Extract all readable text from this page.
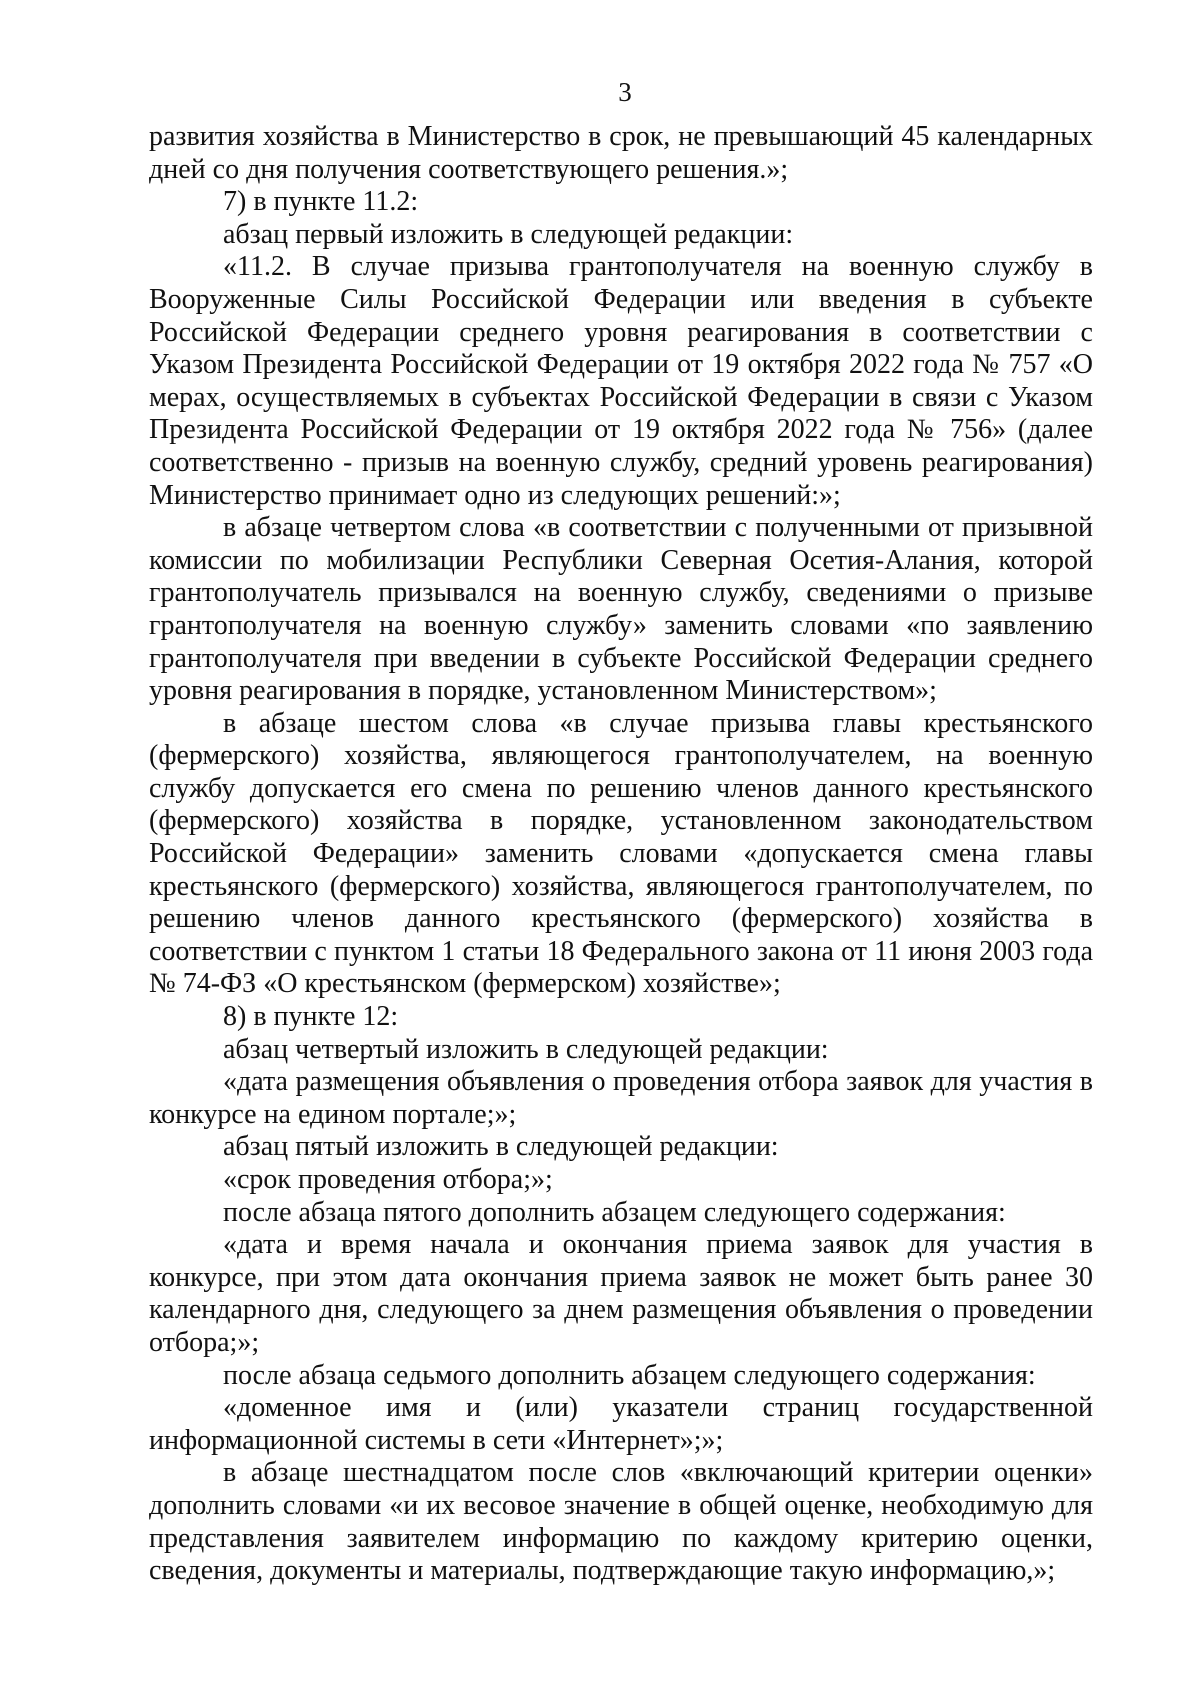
3

развития хозяйства в Министерство в срок, не превышающий 45 календарных дней со дня получения соответствующего решения.»;

7) в пункте 11.2:

абзац первый изложить в следующей редакции:

«11.2. В случае призыва грантополучателя на военную службу в Вооруженные Силы Российской Федерации или введения в субъекте Российской Федерации среднего уровня реагирования в соответствии с Указом Президента Российской Федерации от 19 октября 2022 года № 757 «О мерах, осуществляемых в субъектах Российской Федерации в связи с Указом Президента Российской Федерации от 19 октября 2022 года № 756» (далее соответственно - призыв на военную службу, средний уровень реагирования) Министерство принимает одно из следующих решений:»;

в абзаце четвертом слова «в соответствии с полученными от призывной комиссии по мобилизации Республики Северная Осетия-Алания, которой грантополучатель призывался на военную службу, сведениями о призыве грантополучателя на военную службу» заменить словами «по заявлению грантополучателя при введении в субъекте Российской Федерации среднего уровня реагирования в порядке, установленном Министерством»;

в абзаце шестом слова «в случае призыва главы крестьянского (фермерского) хозяйства, являющегося грантополучателем, на военную службу допускается его смена по решению членов данного крестьянского (фермерского) хозяйства в порядке, установленном законодательством Российской Федерации» заменить словами «допускается смена главы крестьянского (фермерского) хозяйства, являющегося грантополучателем, по решению членов данного крестьянского (фермерского) хозяйства в соответствии с пунктом 1 статьи 18 Федерального закона от 11 июня 2003 года № 74-ФЗ «О крестьянском (фермерском) хозяйстве»;

8) в пункте 12:

абзац четвертый изложить в следующей редакции:

«дата размещения объявления о проведения отбора заявок для участия в конкурсе на едином портале;»;

абзац пятый изложить в следующей редакции:

«срок проведения отбора;»;

после абзаца пятого дополнить абзацем следующего содержания:

«дата и время начала и окончания приема заявок для участия в конкурсе, при этом дата окончания приема заявок не может быть ранее 30 календарного дня, следующего за днем размещения объявления о проведении отбора;»;

после абзаца седьмого дополнить абзацем следующего содержания:

«доменное имя и (или) указатели страниц государственной информационной системы в сети «Интернет»;»;

в абзаце шестнадцатом после слов «включающий критерии оценки» дополнить словами «и их весовое значение в общей оценке, необходимую для представления заявителем информацию по каждому критерию оценки, сведения, документы и материалы, подтверждающие такую информацию,»;
